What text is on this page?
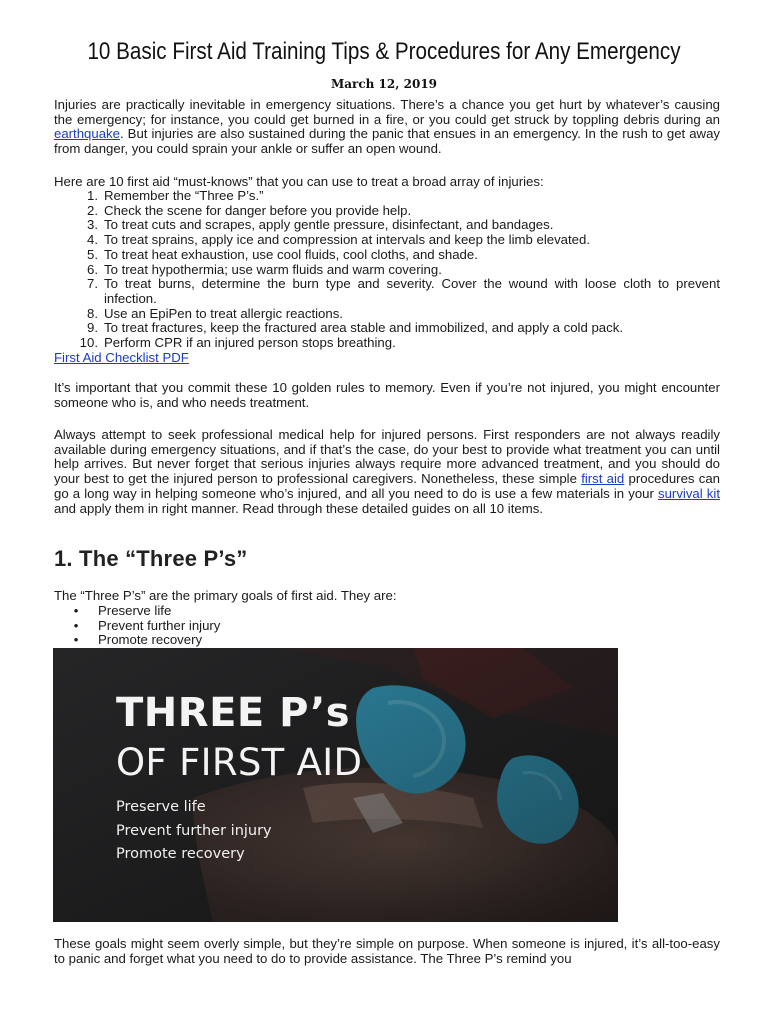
10 Basic First Aid Training Tips & Procedures for Any Emergency
March 12, 2019

Injuries are practically inevitable in emergency situations. There’s a chance you get hurt by whatever’s causing the emergency; for instance, you could get burned in a fire, or you could get struck by toppling debris during an earthquake. But injuries are also sustained during the panic that ensues in an emergency. In the rush to get away from danger, you could sprain your ankle or suffer an open wound.

Here are 10 first aid “must-knows” that you can use to treat a broad array of injuries:

1. Remember the “Three P’s.”
2. Check the scene for danger before you provide help.
3. To treat cuts and scrapes, apply gentle pressure, disinfectant, and bandages.
4. To treat sprains, apply ice and compression at intervals and keep the limb elevated.
5. To treat heat exhaustion, use cool fluids, cool cloths, and shade.
6. To treat hypothermia; use warm fluids and warm covering.
7. To treat burns, determine the burn type and severity. Cover the wound with loose cloth to prevent infection.
8. Use an EpiPen to treat allergic reactions.
9. To treat fractures, keep the fractured area stable and immobilized, and apply a cold pack.
10. Perform CPR if an injured person stops breathing.
First Aid Checklist PDF

It’s important that you commit these 10 golden rules to memory. Even if you’re not injured, you might encounter someone who is, and who needs treatment.

Always attempt to seek professional medical help for injured persons. First responders are not always readily available during emergency situations, and if that’s the case, do your best to provide what treatment you can until help arrives. But never forget that serious injuries always require more advanced treatment, and you should do your best to get the injured person to professional caregivers. Nonetheless, these simple first aid procedures can go a long way in helping someone who’s injured, and all you need to do is use a few materials in your survival kit and apply them in right manner. Read through these detailed guides on all 10 items.

1. The “Three P’s”

The “Three P’s” are the primary goals of first aid. They are:

•	Preserve life
•	Prevent further injury
•	Promote recovery
THREE P’s
OF FIRST AID
Preserve life
Prevent further injury
Promote recovery

These goals might seem overly simple, but they’re simple on purpose. When someone is injured, it’s all-too-easy to panic and forget what you need to do to provide assistance. The Three P’s remind you
